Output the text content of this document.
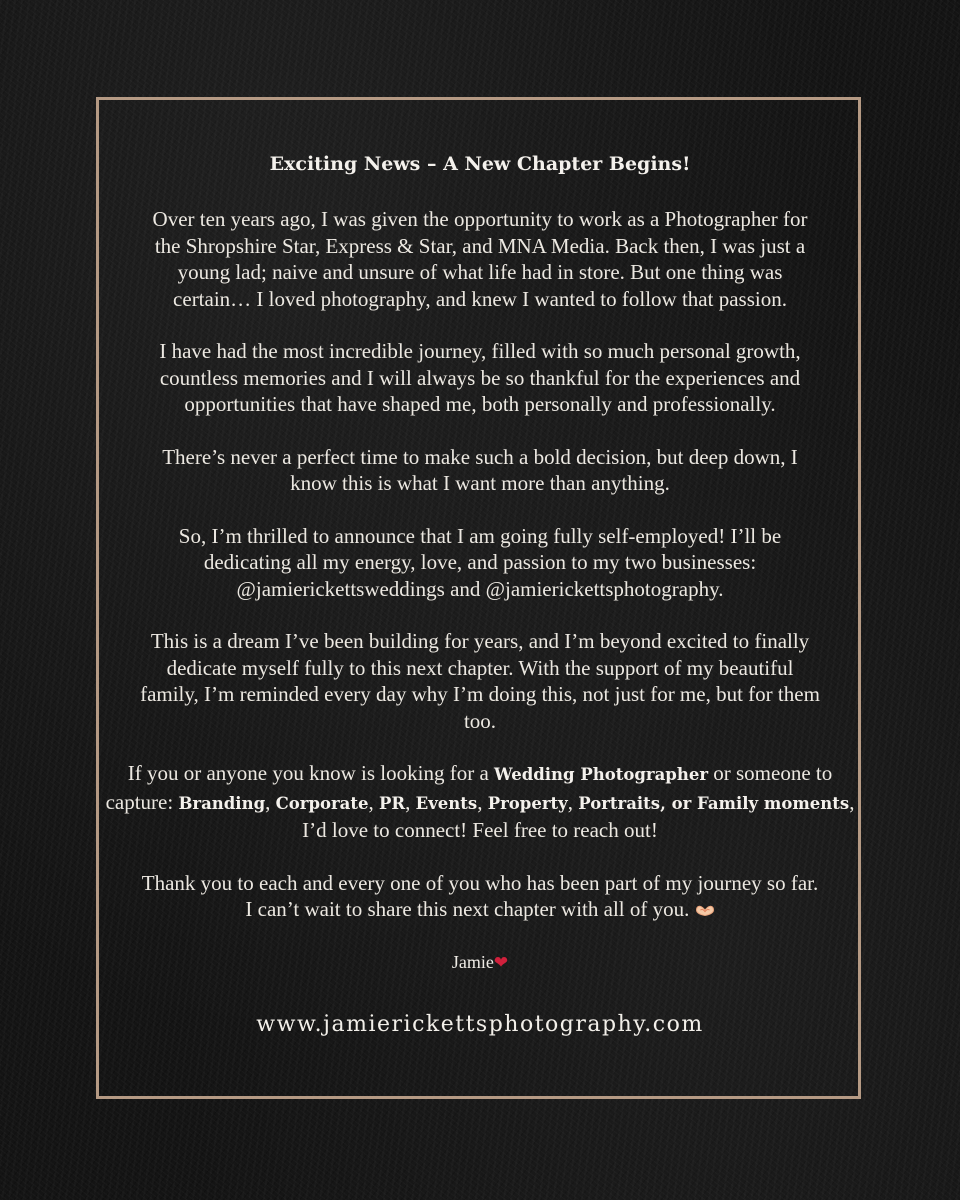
Exciting News – A New Chapter Begins!

Over ten years ago, I was given the opportunity to work as a Photographer for
the Shropshire Star, Express & Star, and MNA Media. Back then, I was just a
young lad; naive and unsure of what life had in store. But one thing was
certain… I loved photography, and knew I wanted to follow that passion.

I have had the most incredible journey, filled with so much personal growth,
countless memories and I will always be so thankful for the experiences and
opportunities that have shaped me, both personally and professionally.

There’s never a perfect time to make such a bold decision, but deep down, I
know this is what I want more than anything.

So, I’m thrilled to announce that I am going fully self-employed! I’ll be
dedicating all my energy, love, and passion to my two businesses:
@jamierickettsweddings and @jamierickettsphotography.

This is a dream I’ve been building for years, and I’m beyond excited to finally
dedicate myself fully to this next chapter. With the support of my beautiful
family, I’m reminded every day why I’m doing this, not just for me, but for them
too.

If you or anyone you know is looking for a Wedding Photographer or someone to
capture: Branding, Corporate, PR, Events, Property, Portraits, or Family moments,
I’d love to connect! Feel free to reach out!

Thank you to each and every one of you who has been part of my journey so far.
I can’t wait to share this next chapter with all of you.

Jamie❤
www.jamierickettsphotography.com
